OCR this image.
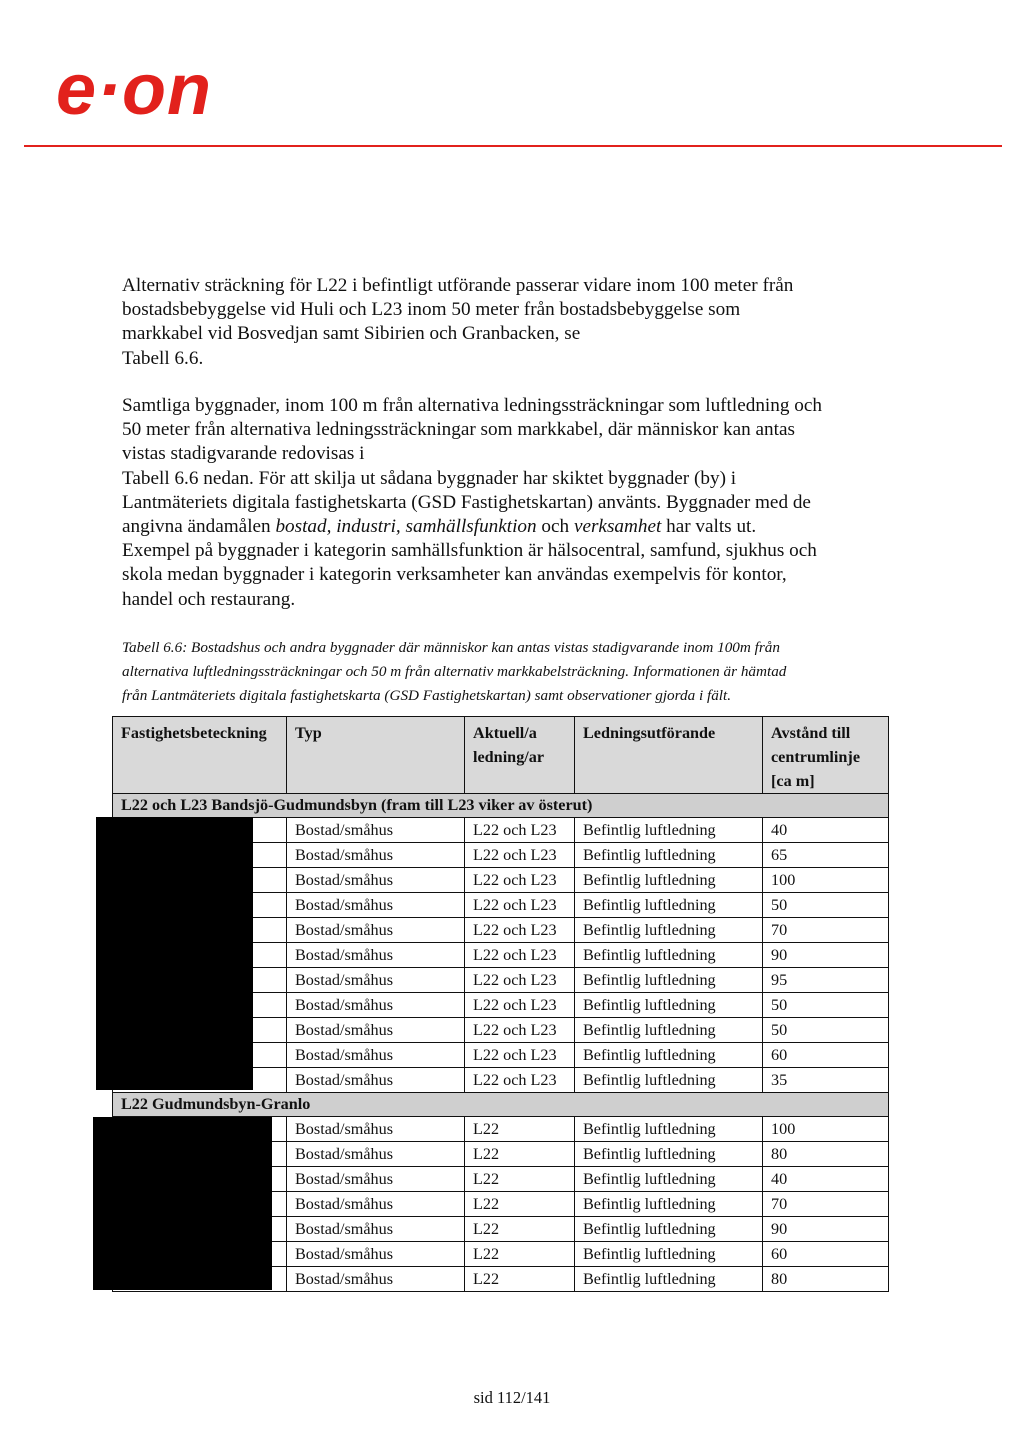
e·on

Alternativ sträckning för L22 i befintligt utförande passerar vidare inom 100 meter från

bostadsbebyggelse vid Huli och L23 inom 50 meter från bostadsbebyggelse som

markkabel vid Bosvedjan samt Sibirien och Granbacken, se

Tabell 6.6.

Samtliga byggnader, inom 100 m från alternativa ledningssträckningar som luftledning och

50 meter från alternativa ledningssträckningar som markkabel, där människor kan antas

vistas stadigvarande redovisas i

Tabell 6.6 nedan. För att skilja ut sådana byggnader har skiktet byggnader (by) i

Lantmäteriets digitala fastighetskarta (GSD Fastighetskartan) använts. Byggnader med de

angivna ändamålen bostad, industri, samhällsfunktion och verksamhet har valts ut.

Exempel på byggnader i kategorin samhällsfunktion är hälsocentral, samfund, sjukhus och

skola medan byggnader i kategorin verksamheter kan användas exempelvis för kontor,

handel och restaurang.

Tabell 6.6: Bostadshus och andra byggnader där människor kan antas vistas stadigvarande inom 100m från
alternativa luftledningssträckningar och 50 m från alternativ markkabelsträckning. Informationen är hämtad
från Lantmäteriets digitala fastighetskarta (GSD Fastighetskartan) samt observationer gjorda i fält.
Fastighetsbeteckning	Typ	Aktuell/a
ledning/ar	Ledningsutförande	Avstånd till
centrumlinje
[ca m]
L22 och L23 Bandsjö-Gudmundsbyn (fram till L23 viker av österut)				
	Bostad/småhus	L22 och L23	Befintlig luftledning	40
	Bostad/småhus	L22 och L23	Befintlig luftledning	65
	Bostad/småhus	L22 och L23	Befintlig luftledning	100
	Bostad/småhus	L22 och L23	Befintlig luftledning	50
	Bostad/småhus	L22 och L23	Befintlig luftledning	70
	Bostad/småhus	L22 och L23	Befintlig luftledning	90
	Bostad/småhus	L22 och L23	Befintlig luftledning	95
	Bostad/småhus	L22 och L23	Befintlig luftledning	50
	Bostad/småhus	L22 och L23	Befintlig luftledning	50
	Bostad/småhus	L22 och L23	Befintlig luftledning	60
	Bostad/småhus	L22 och L23	Befintlig luftledning	35
L22 Gudmundsbyn-Granlo				
	Bostad/småhus	L22	Befintlig luftledning	100
	Bostad/småhus	L22	Befintlig luftledning	80
	Bostad/småhus	L22	Befintlig luftledning	40
	Bostad/småhus	L22	Befintlig luftledning	70
	Bostad/småhus	L22	Befintlig luftledning	90
	Bostad/småhus	L22	Befintlig luftledning	60
	Bostad/småhus	L22	Befintlig luftledning	80
sid 112/141
